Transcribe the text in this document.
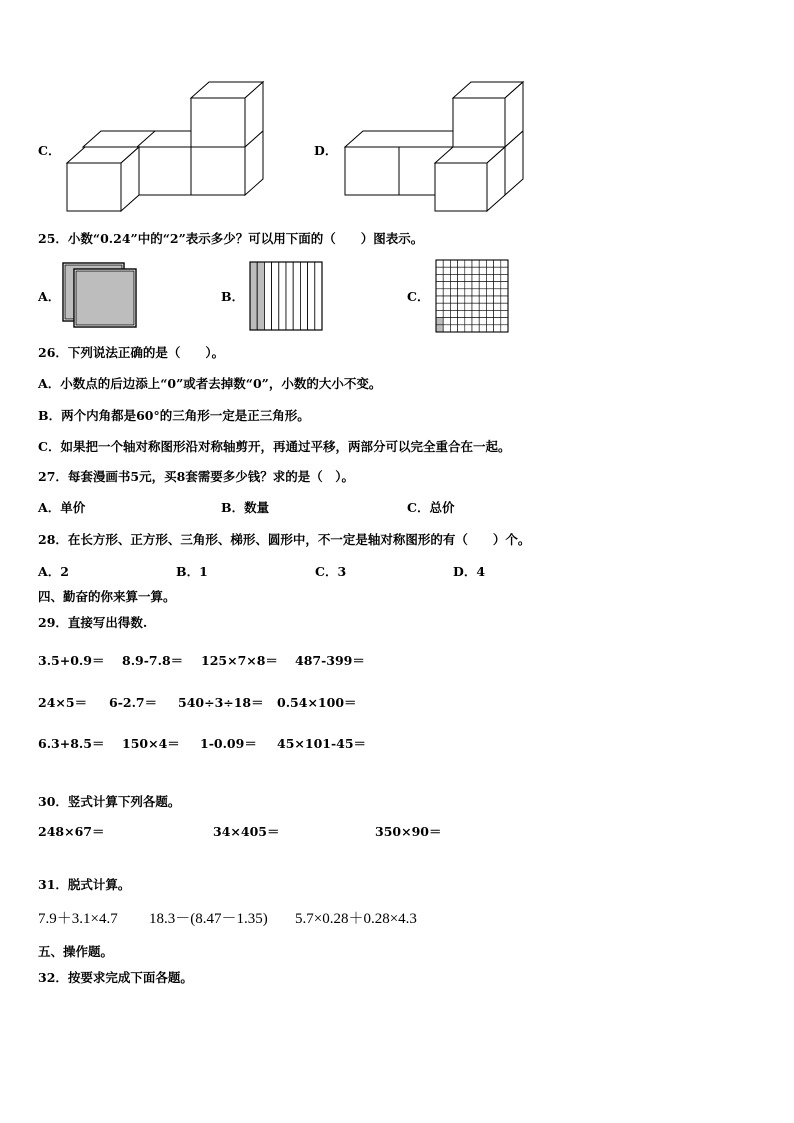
C．	D．
25．小数“0.24”中的“2”表示多少？可以用下面的（　　）图表示。
A．	B．	C．
26．下列说法正确的是（　　）。
A．小数点的后边添上“0”或者去掉数“0”，小数的大小不变。
B．两个内角都是60°的三角形一定是正三角形。
C．如果把一个轴对称图形沿对称轴剪开，再通过平移，两部分可以完全重合在一起。
27．每套漫画书5元，买8套需要多少钱？求的是（　）。
A．单价	B．数量	C．总价
28．在长方形、正方形、三角形、梯形、圆形中，不一定是轴对称图形的有（　　）个。
A．2	B．1	C．3	D．4
四、勤奋的你来算一算。
29．直接写出得数.
3.5+0.9＝ 8.9-7.8＝ 125×7×8＝ 487-399＝
24×5＝ 6-2.7＝ 540÷3÷18＝ 0.54×100＝
6.3+8.5＝ 150×4＝ 1-0.09＝ 45×101-45＝
30．竖式计算下列各题。
248×67＝	34×405＝	350×90＝
31．脱式计算。
7.9＋3.1×4.7 18.3－(8.47－1.35) 5.7×0.28＋0.28×4.3
五、操作题。
32．按要求完成下面各题。
